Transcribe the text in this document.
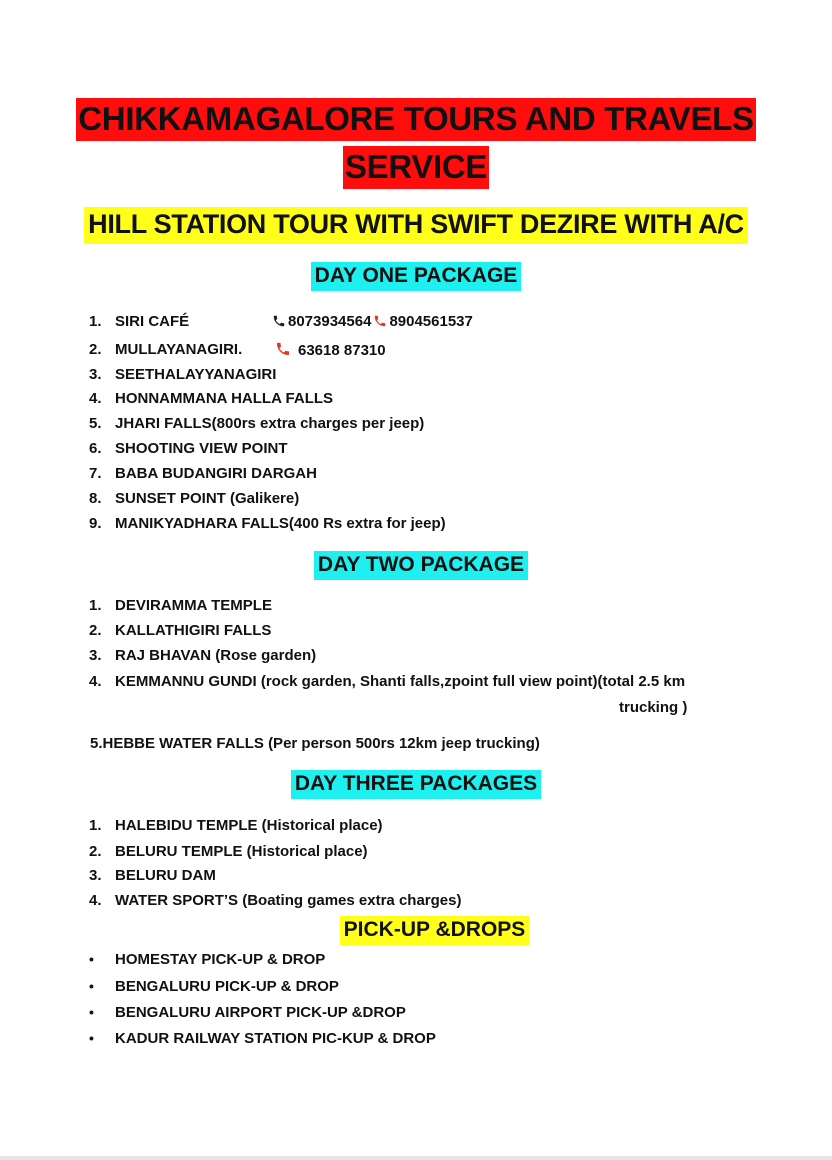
CHIKKAMAGALORE TOURS AND TRAVELS
SERVICE
HILL STATION TOUR WITH SWIFT DEZIRE WITH A/C
DAY ONE PACKAGE
1. SIRI CAFÉ	8073934564 8904561537
2. MULLAYANAGIRI.	63618 87310
3. SEETHALAYYANAGIRI
4. HONNAMMANA HALLA FALLS
5. JHARI FALLS(800rs extra charges per jeep)
6. SHOOTING VIEW POINT
7. BABA BUDANGIRI DARGAH
8. SUNSET POINT (Galikere)
9. MANIKYADHARA FALLS(400 Rs extra for jeep)
DAY TWO PACKAGE
1. DEVIRAMMA TEMPLE
2. KALLATHIGIRI FALLS
3. RAJ BHAVAN (Rose garden)
4. KEMMANNU GUNDI (rock garden, Shanti falls,zpoint full view point)(total 2.5 km
trucking )
5.HEBBE WATER FALLS (Per person 500rs 12km jeep trucking)
DAY THREE PACKAGES
1. HALEBIDU TEMPLE (Historical place)
2. BELURU TEMPLE (Historical place)
3. BELURU DAM
4. WATER SPORT’S (Boating games extra charges)
PICK-UP &DROPS
• HOMESTAY PICK-UP & DROP
• BENGALURU PICK-UP & DROP
• BENGALURU AIRPORT PICK-UP &DROP
• KADUR RAILWAY STATION PIC-KUP & DROP
